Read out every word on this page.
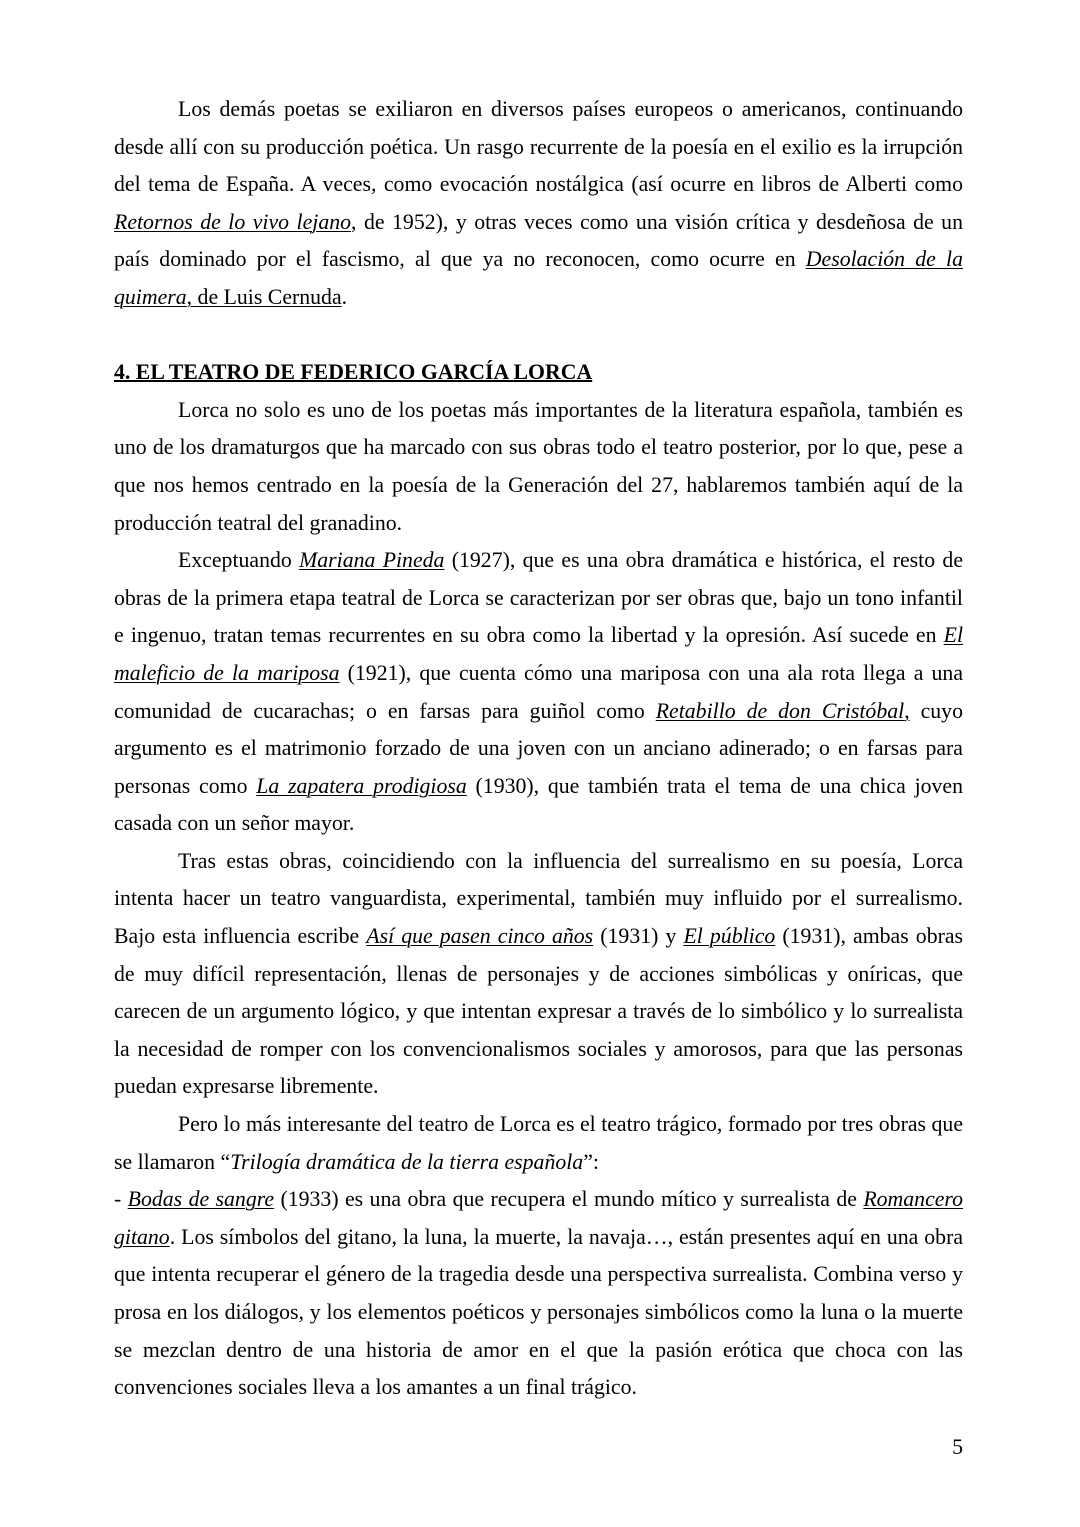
Los demás poetas se exiliaron en diversos países europeos o americanos, continuando desde allí con su producción poética. Un rasgo recurrente de la poesía en el exilio es la irrupción del tema de España. A veces, como evocación nostálgica (así ocurre en libros de Alberti como Retornos de lo vivo lejano, de 1952), y otras veces como una visión crítica y desdeñosa de un país dominado por el fascismo, al que ya no reconocen, como ocurre en Desolación de la quimera, de Luis Cernuda.

4. EL TEATRO DE FEDERICO GARCÍA LORCA

Lorca no solo es uno de los poetas más importantes de la literatura española, también es uno de los dramaturgos que ha marcado con sus obras todo el teatro posterior, por lo que, pese a que nos hemos centrado en la poesía de la Generación del 27, hablaremos también aquí de la producción teatral del granadino.

Exceptuando Mariana Pineda (1927), que es una obra dramática e histórica, el resto de obras de la primera etapa teatral de Lorca se caracterizan por ser obras que, bajo un tono infantil e ingenuo, tratan temas recurrentes en su obra como la libertad y la opresión. Así sucede en El maleficio de la mariposa (1921), que cuenta cómo una mariposa con una ala rota llega a una comunidad de cucarachas; o en farsas para guiñol como Retabillo de don Cristóbal, cuyo argumento es el matrimonio forzado de una joven con un anciano adinerado; o en farsas para personas como La zapatera prodigiosa (1930), que también trata el tema de una chica joven casada con un señor mayor.

Tras estas obras, coincidiendo con la influencia del surrealismo en su poesía, Lorca intenta hacer un teatro vanguardista, experimental, también muy influido por el surrealismo. Bajo esta influencia escribe Así que pasen cinco años (1931) y El público (1931), ambas obras de muy difícil representación, llenas de personajes y de acciones simbólicas y oníricas, que carecen de un argumento lógico, y que intentan expresar a través de lo simbólico y lo surrealista la necesidad de romper con los convencionalismos sociales y amorosos, para que las personas puedan expresarse libremente.

Pero lo más interesante del teatro de Lorca es el teatro trágico, formado por tres obras que se llamaron “Trilogía dramática de la tierra española”:

- Bodas de sangre (1933) es una obra que recupera el mundo mítico y surrealista de Romancero gitano. Los símbolos del gitano, la luna, la muerte, la navaja…, están presentes aquí en una obra que intenta recuperar el género de la tragedia desde una perspectiva surrealista. Combina verso y prosa en los diálogos, y los elementos poéticos y personajes simbólicos como la luna o la muerte se mezclan dentro de una historia de amor en el que la pasión erótica que choca con las convenciones sociales lleva a los amantes a un final trágico.

5
